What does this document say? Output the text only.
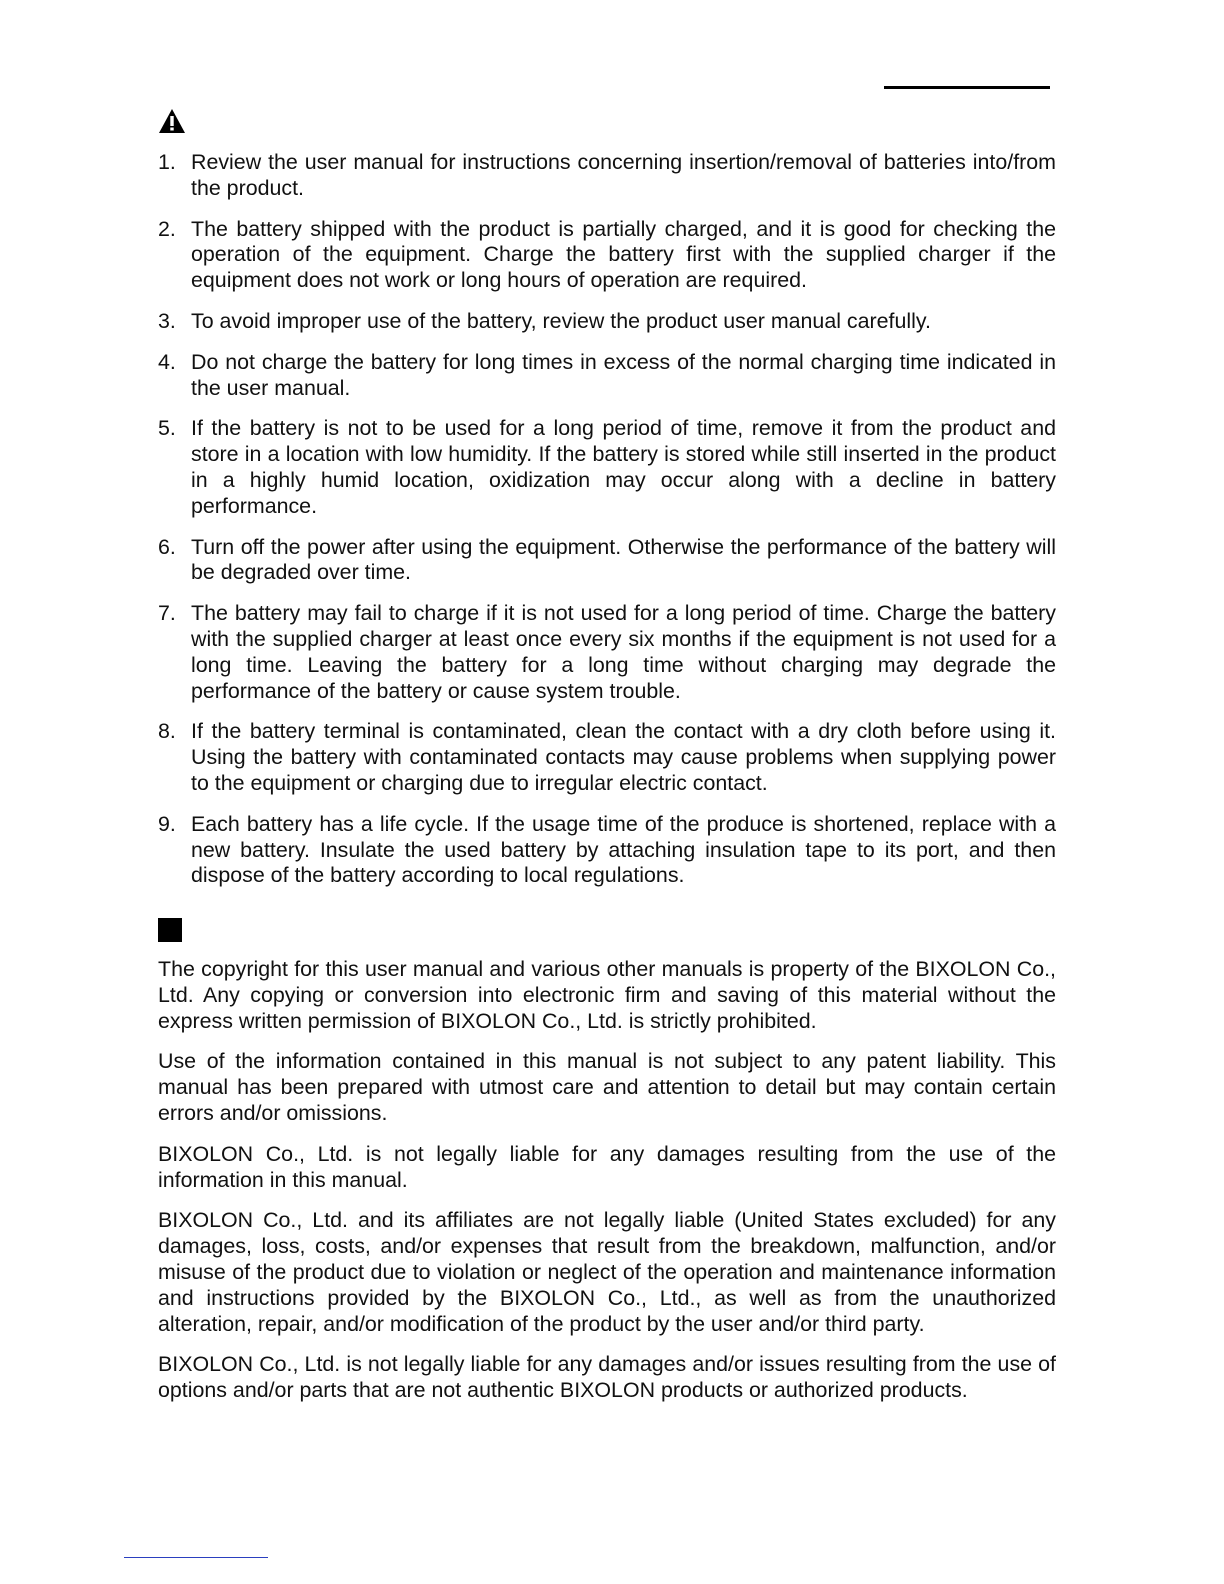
1. Review the user manual for instructions concerning insertion/removal of batteries into/from the product.
2. The battery shipped with the product is partially charged, and it is good for checking the operation of the equipment. Charge the battery first with the supplied charger if the equipment does not work or long hours of operation are required.
3. To avoid improper use of the battery, review the product user manual carefully.
4. Do not charge the battery for long times in excess of the normal charging time indicated in the user manual.
5. If the battery is not to be used for a long period of time, remove it from the product and store in a location with low humidity. If the battery is stored while still inserted in the product in a highly humid location, oxidization may occur along with a decline in battery performance.
6. Turn off the power after using the equipment. Otherwise the performance of the battery will be degraded over time.
7. The battery may fail to charge if it is not used for a long period of time. Charge the battery with the supplied charger at least once every six months if the equipment is not used for a long time. Leaving the battery for a long time without charging may degrade the performance of the battery or cause system trouble.
8. If the battery terminal is contaminated, clean the contact with a dry cloth before using it. Using the battery with contaminated contacts may cause problems when supplying power to the equipment or charging due to irregular electric contact.
9. Each battery has a life cycle. If the usage time of the produce is shortened, replace with a new battery. Insulate the used battery by attaching insulation tape to its port, and then dispose of the battery according to local regulations.

The copyright for this user manual and various other manuals is property of the BIXOLON Co., Ltd. Any copying or conversion into electronic firm and saving of this material without the express written permission of BIXOLON Co., Ltd. is strictly prohibited.

Use of the information contained in this manual is not subject to any patent liability. This manual has been prepared with utmost care and attention to detail but may contain certain errors and/or omissions.

BIXOLON Co., Ltd. is not legally liable for any damages resulting from the use of the information in this manual.

BIXOLON Co., Ltd. and its affiliates are not legally liable (United States excluded) for any damages, loss, costs, and/or expenses that result from the breakdown, malfunction, and/or misuse of the product due to violation or neglect of the operation and maintenance information and instructions provided by the BIXOLON Co., Ltd., as well as from the unauthorized alteration, repair, and/or modification of the product by the user and/or third party.

BIXOLON Co., Ltd. is not legally liable for any damages and/or issues resulting from the use of options and/or parts that are not authentic BIXOLON products or authorized products.
